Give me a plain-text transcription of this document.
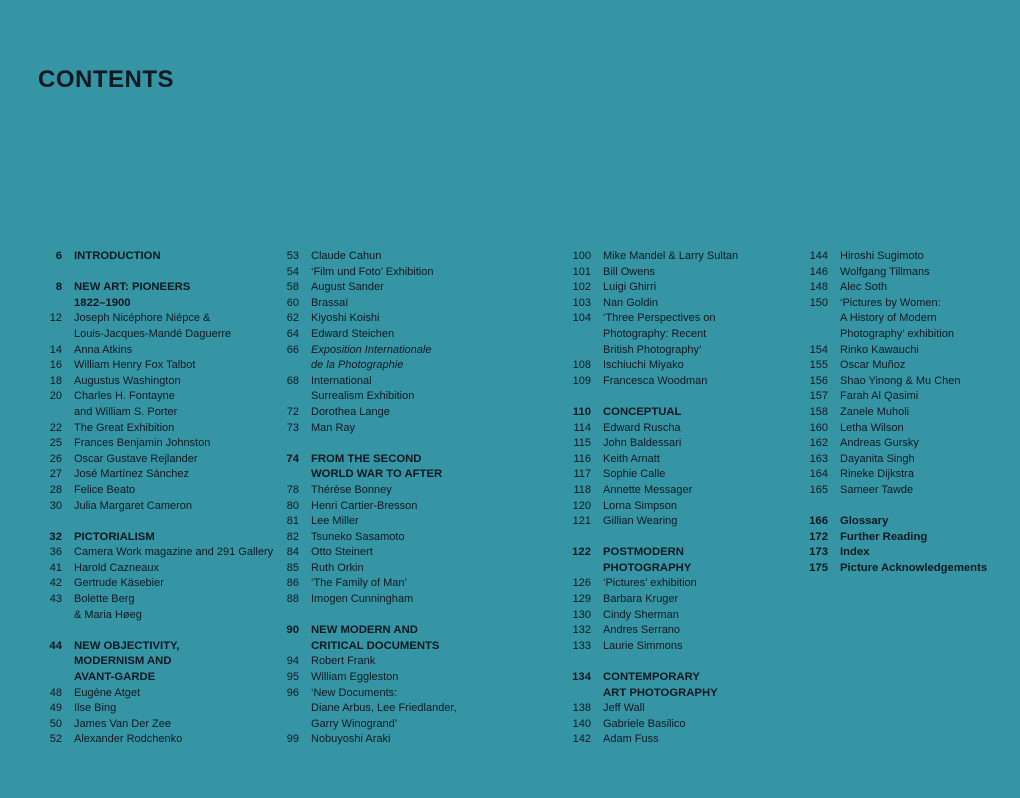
CONTENTS
6 INTRODUCTION
8 NEW ART: PIONEERS
1822–1900
12 Joseph Nicéphore Niépce &
Louis-Jacques-Mandé Daguerre
14 Anna Atkins
16 William Henry Fox Talbot
18 Augustus Washington
20 Charles H. Fontayne
and William S. Porter
22 The Great Exhibition
25 Frances Benjamin Johnston
26 Oscar Gustave Rejlander
27 José Martínez Sánchez
28 Felice Beato
30 Julia Margaret Cameron
32 PICTORIALISM
36 Camera Work magazine and 291 Gallery
41 Harold Cazneaux
42 Gertrude Käsebier
43 Bolette Berg
& Maria Høeg
44 NEW OBJECTIVITY,
MODERNISM AND
AVANT-GARDE
48 Eugène Atget
49 Ilse Bing
50 James Van Der Zee
52 Alexander Rodchenko
53 Claude Cahun
54 ‘Film und Foto’ Exhibition
58 August Sander
60 Brassaï
62 Kiyoshi Koishi
64 Edward Steichen
66 Exposition Internationale
de la Photographie
68 International
Surrealism Exhibition
72 Dorothea Lange
73 Man Ray
74 FROM THE SECOND
WORLD WAR TO AFTER
78 Thérèse Bonney
80 Henri Cartier-Bresson
81 Lee Miller
82 Tsuneko Sasamoto
84 Otto Steinert
85 Ruth Orkin
86 ‘The Family of Man’
88 Imogen Cunningham
90 NEW MODERN AND
CRITICAL DOCUMENTS
94 Robert Frank
95 William Eggleston
96 ‘New Documents:
Diane Arbus, Lee Friedlander,
Garry Winogrand’
99 Nobuyoshi Araki
100 Mike Mandel & Larry Sultan
101 Bill Owens
102 Luigi Ghirri
103 Nan Goldin
104 ‘Three Perspectives on
Photography: Recent
British Photography’
108 Ischiuchi Miyako
109 Francesca Woodman
110 CONCEPTUAL
114 Edward Ruscha
115 John Baldessari
116 Keith Arnatt
117 Sophie Calle
118 Annette Messager
120 Lorna Simpson
121 Gillian Wearing
122 POSTMODERN
PHOTOGRAPHY
126 ‘Pictures’ exhibition
129 Barbara Kruger
130 Cindy Sherman
132 Andres Serrano
133 Laurie Simmons
134 CONTEMPORARY
ART PHOTOGRAPHY
138 Jeff Wall
140 Gabriele Basilico
142 Adam Fuss
144 Hiroshi Sugimoto
146 Wolfgang Tillmans
148 Alec Soth
150 ‘Pictures by Women:
A History of Modern
Photography’ exhibition
154 Rinko Kawauchi
155 Oscar Muñoz
156 Shao Yinong & Mu Chen
157 Farah Al Qasimi
158 Zanele Muholi
160 Letha Wilson
162 Andreas Gursky
163 Dayanita Singh
164 Rineke Dijkstra
165 Sameer Tawde
166 Glossary
172 Further Reading
173 Index
175 Picture Acknowledgements
